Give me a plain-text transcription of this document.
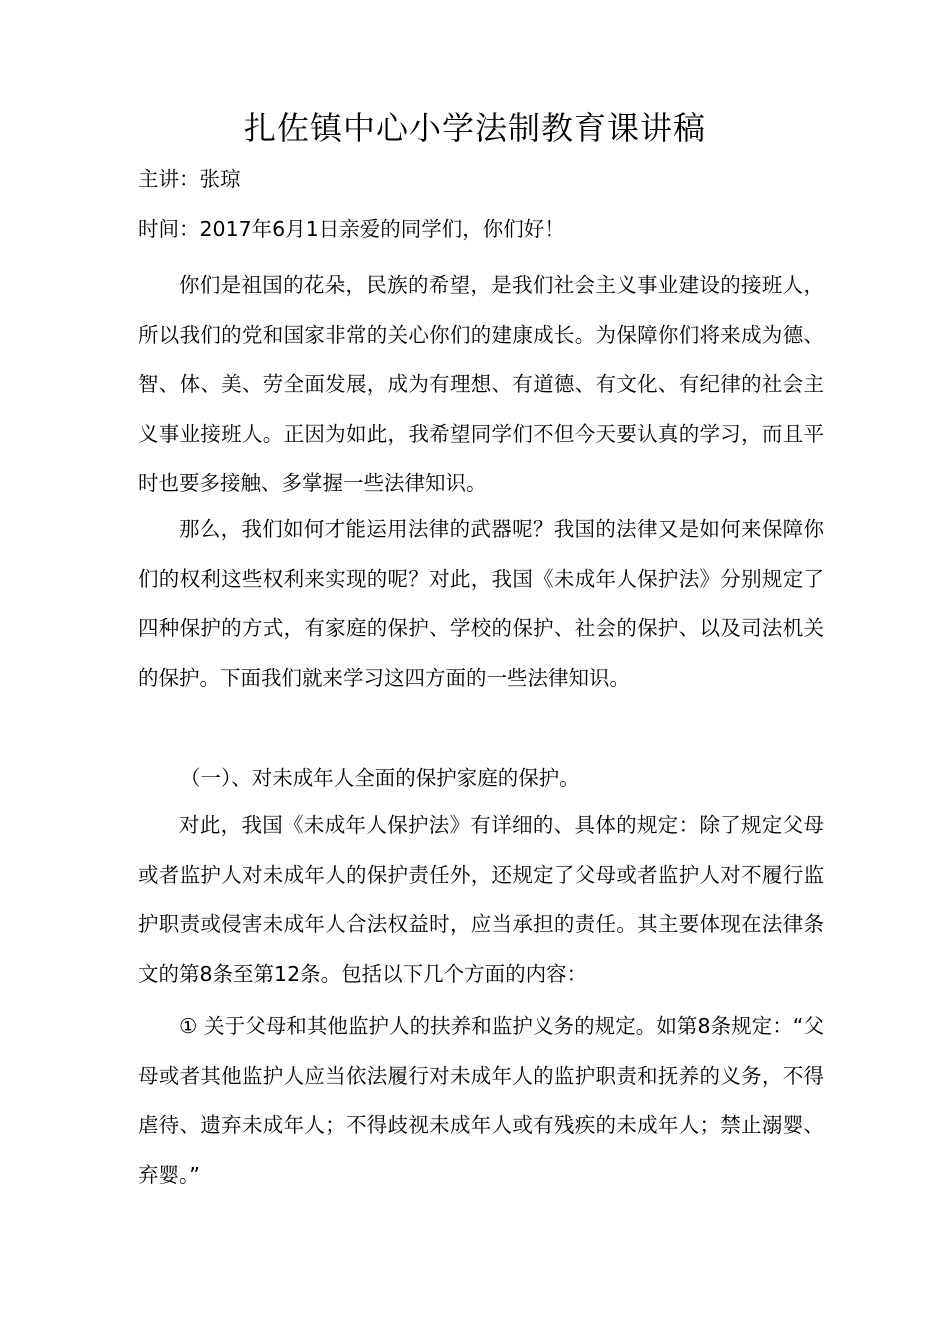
扎佐镇中心小学法制教育课讲稿
主讲：张琼
时间：2017年6月1日亲爱的同学们，你们好！
你们是祖国的花朵，民族的希望，是我们社会主义事业建设的接班人，所以我们的党和国家非常的关心你们的建康成长。为保障你们将来成为德、智、体、美、劳全面发展，成为有理想、有道德、有文化、有纪律的社会主义事业接班人。正因为如此，我希望同学们不但今天要认真的学习，而且平时也要多接触、多掌握一些法律知识。
那么，我们如何才能运用法律的武器呢？我国的法律又是如何来保障你们的权利这些权利来实现的呢？对此，我国《未成年人保护法》分别规定了四种保护的方式，有家庭的保护、学校的保护、社会的保护、以及司法机关的保护。下面我们就来学习这四方面的一些法律知识。
（一）、对未成年人全面的保护家庭的保护。
对此，我国《未成年人保护法》有详细的、具体的规定：除了规定父母或者监护人对未成年人的保护责任外，还规定了父母或者监护人对不履行监护职责或侵害未成年人合法权益时，应当承担的责任。其主要体现在法律条文的第8条至第12条。包括以下几个方面的内容：
① 关于父母和其他监护人的扶养和监护义务的规定。如第8条规定：“父母或者其他监护人应当依法履行对未成年人的监护职责和抚养的义务，不得虐待、遗弃未成年人；不得歧视未成年人或有残疾的未成年人；禁止溺婴、弃婴。”
